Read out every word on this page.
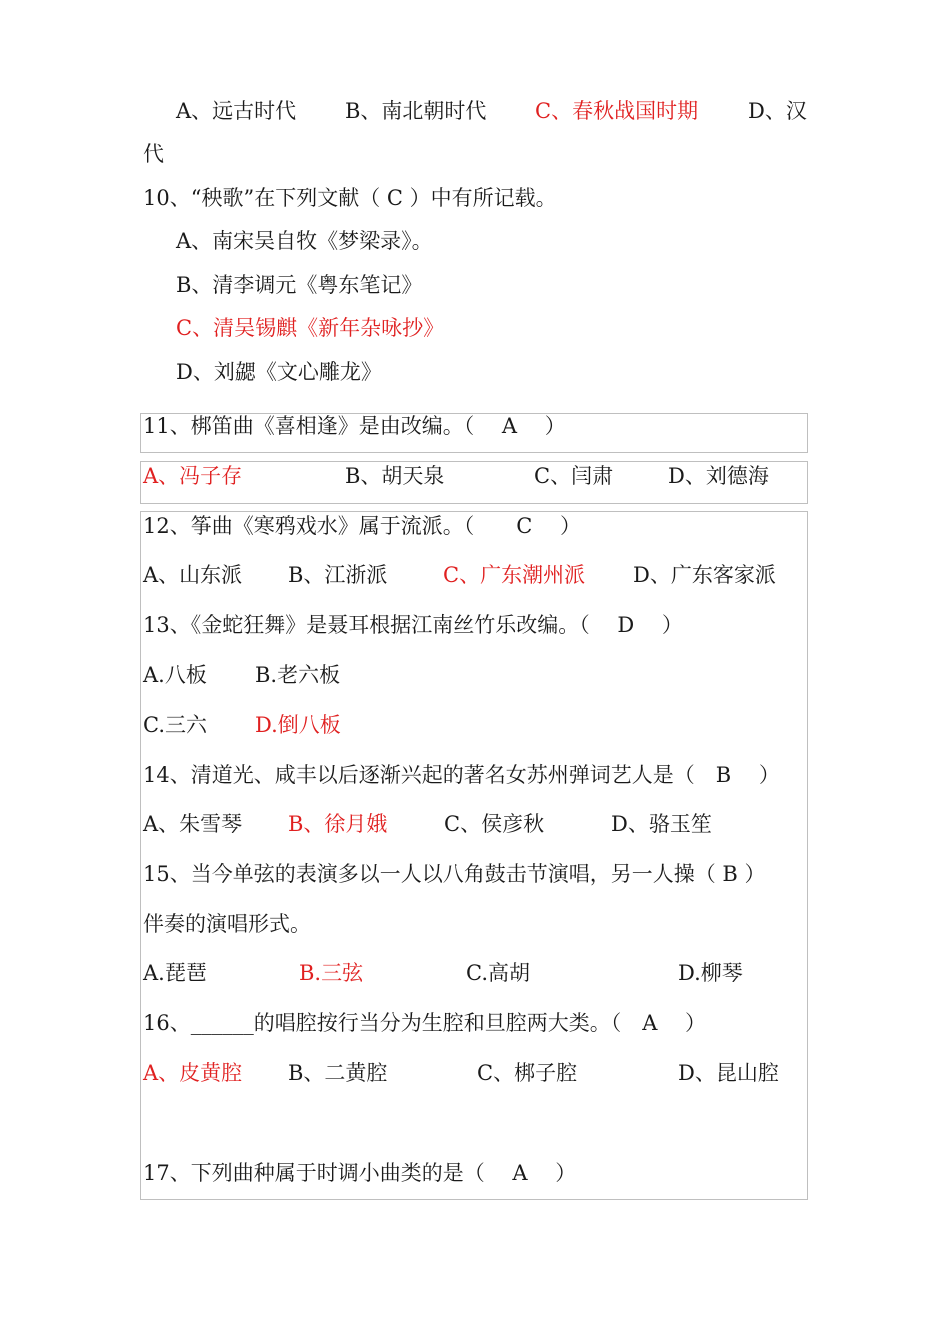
A、远古时代 B、南北朝时代 C、春秋战国时期 D、汉
代
10、“秧歌”在下列文献（ C ）中有所记载。
A、南宋吴自牧《梦梁录》。
B、清李调元《粤东笔记》
C、清吴锡麒《新年杂咏抄》
D、刘勰《文心雕龙》
11、梆笛曲《喜相逢》是由改编。（　 A　 ）
A、冯子存	B、胡天泉	C、闫肃	D、刘德海
12、筝曲《寒鸦戏水》属于流派。（　　C　 ）
A、山东派 B、江浙派	C、广东潮州派 D、广东客家派
13、《金蛇狂舞》是聂耳根据江南丝竹乐改编。（　 D　 ）
A.八板 B.老六板
C.三六 D.倒八板
14、清道光、咸丰以后逐渐兴起的著名女苏州弹词艺人是（　B　 ）
A、朱雪琴 B、徐月娥	C、侯彦秋	D、骆玉笙
15、当今单弦的表演多以一人以八角鼓击节演唱，另一人操（ B ）
伴奏的演唱形式。
A.琵琶	B.三弦	C.高胡	D.柳琴
16、______的唱腔按行当分为生腔和旦腔两大类。（　A　 ）
A、皮黄腔 B、二黄腔	C、梆子腔	D、昆山腔
17、下列曲种属于时调小曲类的是（　 A　 ）
